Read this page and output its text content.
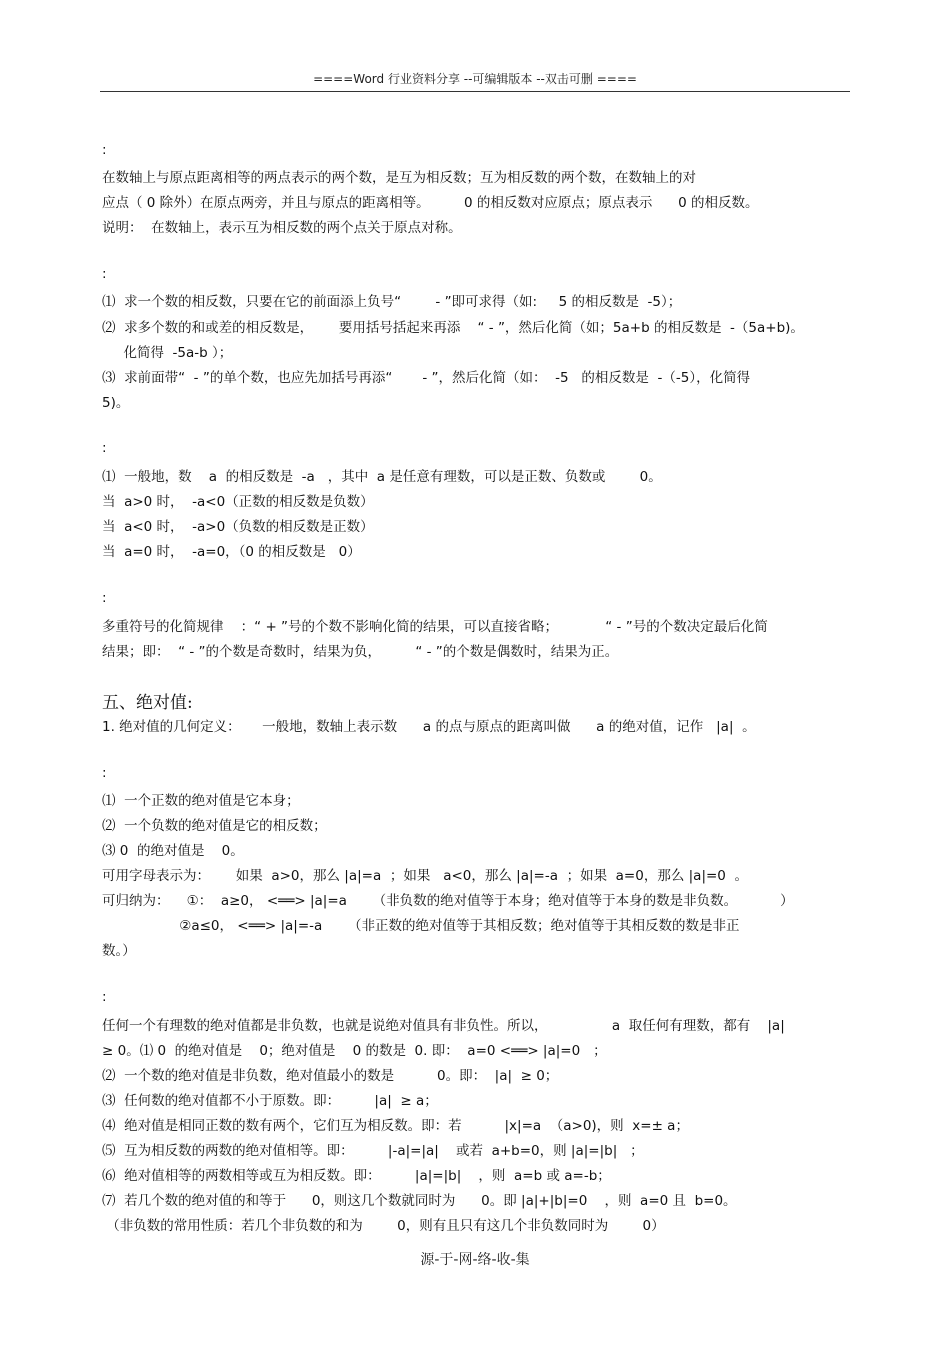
====Word 行业资料分享 --可编辑版本 --双击可删 ====
:
在数轴上与原点距离相等的两点表示的两个数，是互为相反数；互为相反数的两个数，在数轴上的对
应点（ 0 除外）在原点两旁，并且与原点的距离相等。        0 的相反数对应原点；原点表示      0 的相反数。
说明：  在数轴上，表示互为相反数的两个点关于原点对称。
:
⑴  求一个数的相反数，只要在它的前面添上负号“        - ”即可求得（如:     5 的相反数是  -5）；
⑵  求多个数的和或差的相反数是，      要用括号括起来再添    “ - ”，然后化简（如；5a+b 的相反数是  -（5a+b)。
化简得  -5a-b ）；
⑶  求前面带“  - ”的单个数，也应先加括号再添“       - ”，然后化简（如：  -5   的相反数是  -（-5），化简得
5)。
:
⑴  一般地，数    a  的相反数是  -a   ，其中  a 是任意有理数，可以是正数、负数或        0。
当  a>0 时，  -a<0（正数的相反数是负数）
当  a<0 时，  -a>0（负数的相反数是正数）
当  a=0 时，  -a=0，（0 的相反数是   0）
:
多重符号的化简规律    ：“ + ”号的个数不影响化简的结果，可以直接省略；           “ - ”号的个数决定最后化简
结果；即：  “ - ”的个数是奇数时，结果为负，        “ - ”的个数是偶数时，结果为正。
五、绝对值:
1. 绝对值的几何定义：     一般地，数轴上表示数      a 的点与原点的距离叫做      a 的绝对值，记作   |a|  。
:
⑴  一个正数的绝对值是它本身；
⑵  一个负数的绝对值是它的相反数；
⑶ 0  的绝对值是    0。
可用字母表示为：      如果  a>0，那么 |a|=a  ；如果   a<0，那么 |a|=-a  ；如果  a=0，那么 |a|=0  。
可归纳为：    ①：  a≥0， <══> |a|=a      （非负数的绝对值等于本身；绝对值等于本身的数是非负数。          ）
②a≤0， <══> |a|=-a      （非正数的绝对值等于其相反数；绝对值等于其相反数的数是非正
数。）
:
任何一个有理数的绝对值都是非负数，也就是说绝对值具有非负性。所以，               a  取任何有理数，都有    |a|
≥ 0。⑴ 0  的绝对值是    0；绝对值是    0 的数是  0. 即：  a=0 <══> |a|=0   ；
⑵  一个数的绝对值是非负数，绝对值最小的数是          0。即：  |a|  ≥ 0；
⑶  任何数的绝对值都不小于原数。即：        |a|  ≥ a；
⑷  绝对值是相同正数的数有两个，它们互为相反数。即：若          |x|=a  （a>0)，则  x=± a；
⑸  互为相反数的两数的绝对值相等。即：        |-a|=|a|    或若  a+b=0，则 |a|=|b|   ；
⑹  绝对值相等的两数相等或互为相反数。即：        |a|=|b|    ，则  a=b 或 a=-b；
⑺  若几个数的绝对值的和等于      0，则这几个数就同时为      0。即 |a|+|b|=0    ，则  a=0 且  b=0。
（非负数的常用性质：若几个非负数的和为        0，则有且只有这几个非负数同时为        0）
源-于-网-络-收-集
